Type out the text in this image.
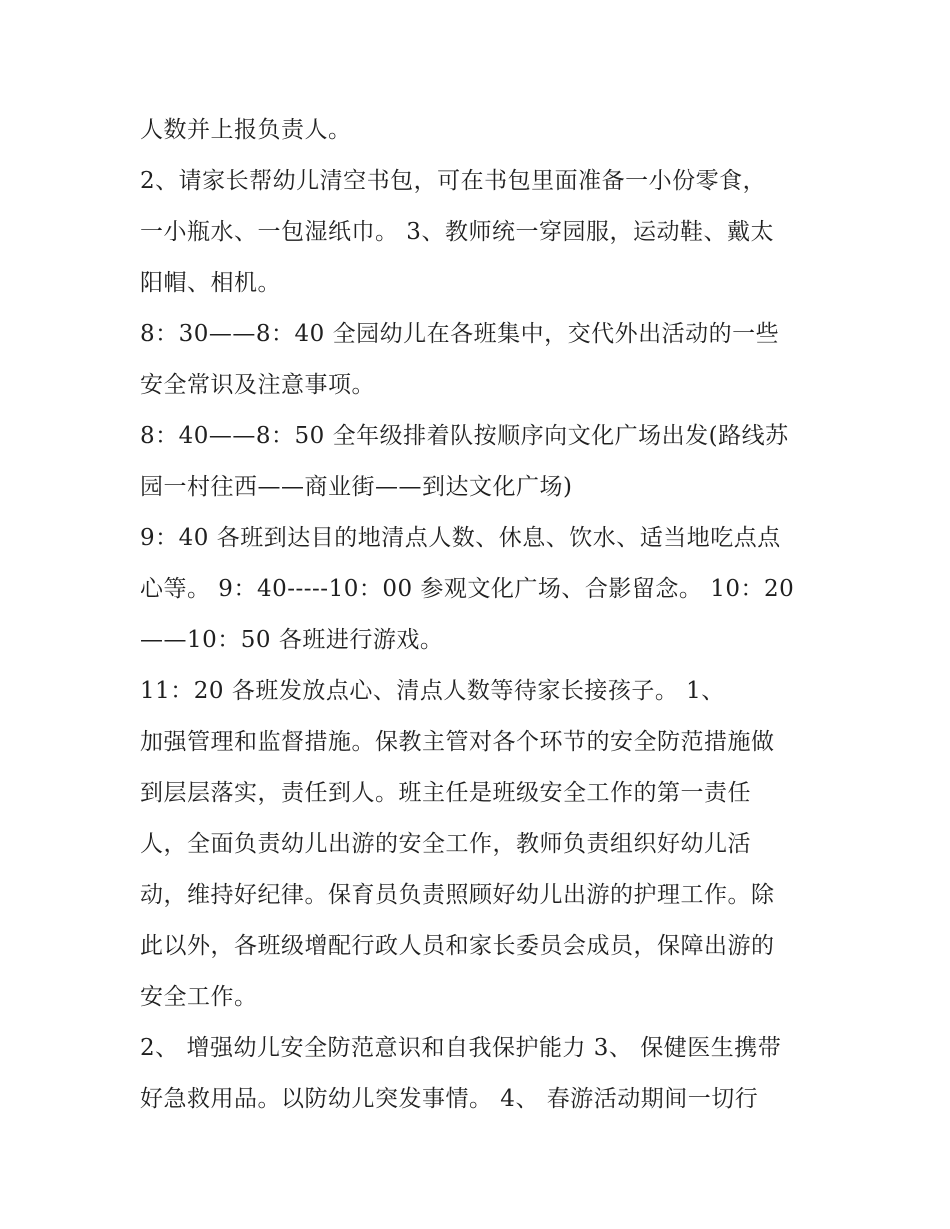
人数并上报负责人。
2、请家长帮幼儿清空书包，可在书包里面准备一小份零食，
一小瓶水、一包湿纸巾。 3、教师统一穿园服，运动鞋、戴太
阳帽、相机。
8：30——8：40 全园幼儿在各班集中，交代外出活动的一些
安全常识及注意事项。
8：40——8：50 全年级排着队按顺序向文化广场出发(路线苏
园一村往西——商业街——到达文化广场)
9：40 各班到达目的地清点人数、休息、饮水、适当地吃点点
心等。 9：40-----10：00 参观文化广场、合影留念。 10：20
——10：50 各班进行游戏。
11：20 各班发放点心、清点人数等待家长接孩子。 1、
加强管理和监督措施。保教主管对各个环节的安全防范措施做
到层层落实，责任到人。班主任是班级安全工作的第一责任
人，全面负责幼儿出游的安全工作，教师负责组织好幼儿活
动，维持好纪律。保育员负责照顾好幼儿出游的护理工作。除
此以外，各班级增配行政人员和家长委员会成员，保障出游的
安全工作。
2、 增强幼儿安全防范意识和自我保护能力 3、 保健医生携带
好急救用品。以防幼儿突发事情。 4、 春游活动期间一切行
